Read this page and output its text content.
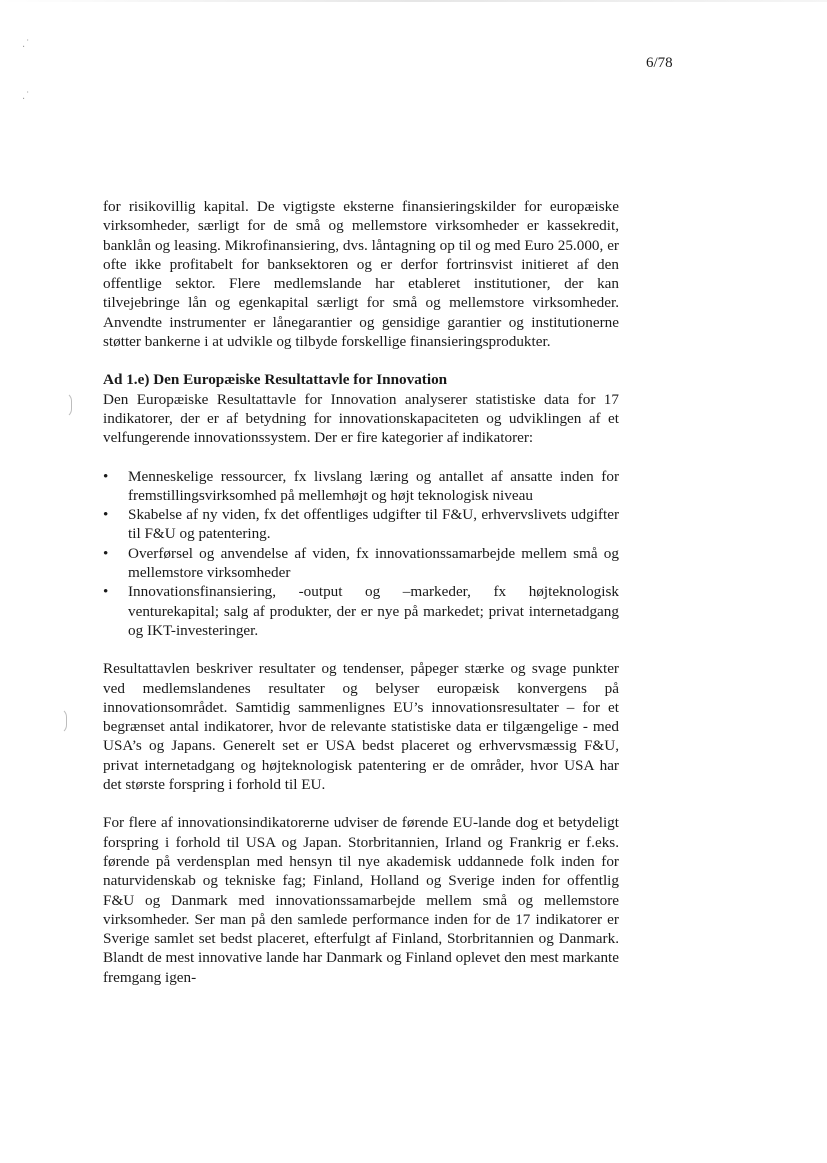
.˙
.˙
6/78

for risikovillig kapital. De vigtigste eksterne finansieringskilder for europæiske virksomheder, særligt for de små og mellemstore virksomheder er kassekredit, banklån og leasing. Mikrofinansiering, dvs. låntagning op til og med Euro 25.000, er ofte ikke profitabelt for banksektoren og er derfor fortrinsvist initieret af den offentlige sektor. Flere medlemslande har etableret institutioner, der kan tilvejebringe lån og egenkapital særligt for små og mellemstore virksomheder. Anvendte instrumenter er lånegarantier og gensidige garantier og institutionerne støtter bankerne i at udvikle og tilbyde forskellige finansieringsprodukter.

Ad 1.e) Den Europæiske Resultattavle for Innovation

Den Europæiske Resultattavle for Innovation analyserer statistiske data for 17 indikatorer, der er af betydning for innovationskapaciteten og udviklingen af et velfungerende innovationssystem. Der er fire kategorier af indikatorer:

• Menneskelige ressourcer, fx livslang læring og antallet af ansatte inden for fremstillingsvirksomhed på mellemhøjt og højt teknologisk niveau
• Skabelse af ny viden, fx det offentliges udgifter til F&U, erhvervslivets udgifter til F&U og patentering.
• Overførsel og anvendelse af viden, fx innovationssamarbejde mellem små og mellemstore virksomheder
• Innovationsfinansiering, -output og –markeder, fx højteknologisk venturekapital; salg af produkter, der er nye på markedet; privat internetadgang og IKT-investeringer.

Resultattavlen beskriver resultater og tendenser, påpeger stærke og svage punkter ved medlemslandenes resultater og belyser europæisk konvergens på innovationsområdet. Samtidig sammenlignes EU’s innovationsresultater – for et begrænset antal indikatorer, hvor de relevante statistiske data er tilgængelige - med USA’s og Japans. Generelt set er USA bedst placeret og erhvervsmæssig F&U, privat internetadgang og højteknologisk patentering er de områder, hvor USA har det største forspring i forhold til EU.

For flere af innovationsindikatorerne udviser de førende EU-lande dog et betydeligt forspring i forhold til USA og Japan. Storbritannien, Irland og Frankrig er f.eks. førende på verdensplan med hensyn til nye akademisk uddannede folk inden for naturvidenskab og tekniske fag; Finland, Holland og Sverige inden for offentlig F&U og Danmark med innovationssamarbejde mellem små og mellemstore virksomheder. Ser man på den samlede performance inden for de 17 indikatorer er Sverige samlet set bedst placeret, efterfulgt af Finland, Storbritannien og Danmark. Blandt de mest innovative lande har Danmark og Finland oplevet den mest markante fremgang igen-
